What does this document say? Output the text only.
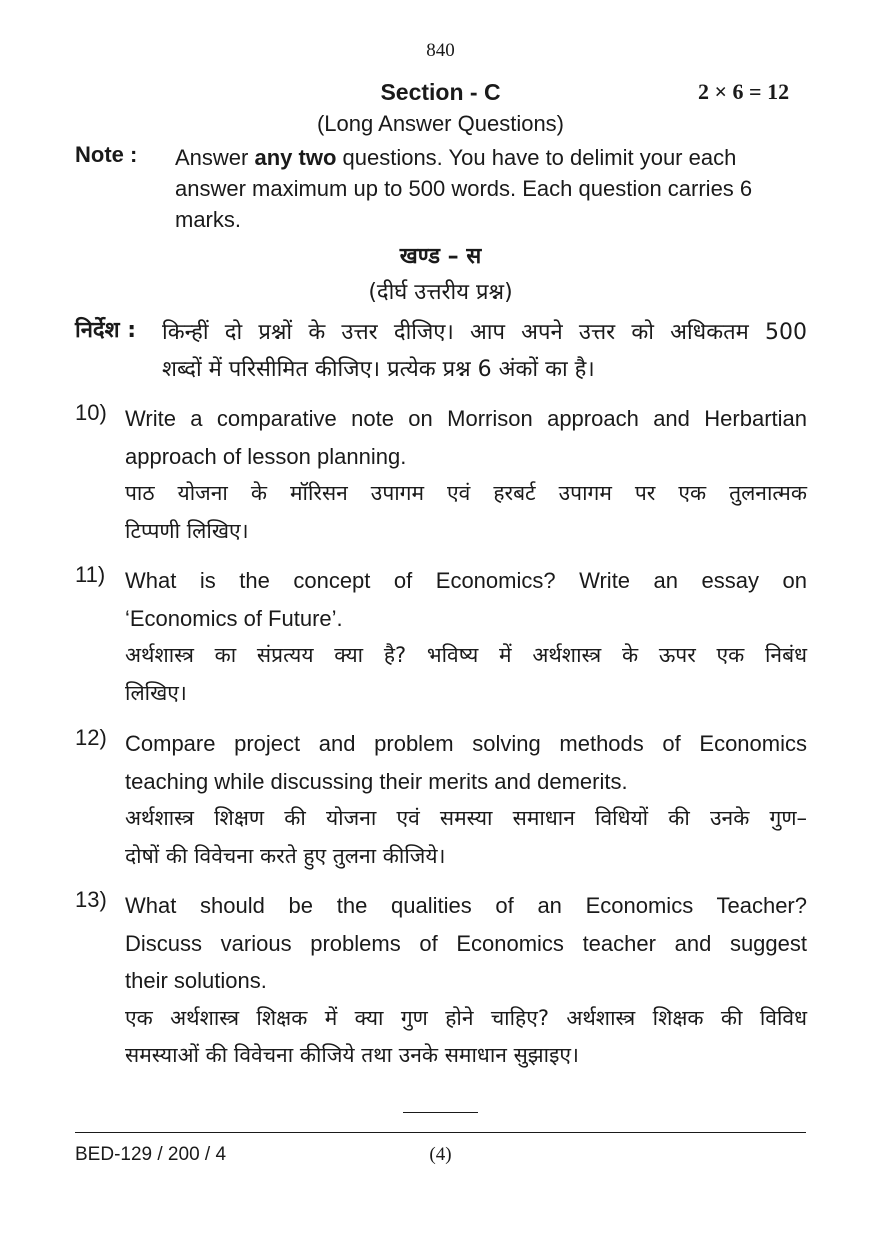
840
Section - C	2 × 6 = 12
(Long Answer Questions)
Note : Answer any two questions. You have to delimit your each answer maximum up to 500 words. Each question carries 6 marks.
खण्ड – स
(दीर्घ उत्तरीय प्रश्न)
निर्देश : किन्हीं दो प्रश्नों के उत्तर दीजिए। आप अपने उत्तर को अधिकतम 500
शब्दों में परिसीमित कीजिए। प्रत्येक प्रश्न 6 अंकों का है।
10) Write a comparative note on Morrison approach and Herbartian
approach of lesson planning.
पाठ योजना के मॉरिसन उपागम एवं हरबर्ट उपागम पर एक तुलनात्मक
टिप्पणी लिखिए।
11) What is the concept of Economics? Write an essay on
‘Economics of Future’.
अर्थशास्त्र का संप्रत्यय क्या है? भविष्य में अर्थशास्त्र के ऊपर एक निबंध
लिखिए।
12) Compare project and problem solving methods of Economics
teaching while discussing their merits and demerits.
अर्थशास्त्र शिक्षण की योजना एवं समस्या समाधान विधियों की उनके गुण–
दोषों की विवेचना करते हुए तुलना कीजिये।
13) What should be the qualities of an Economics Teacher?
Discuss various problems of Economics teacher and suggest
their solutions.
एक अर्थशास्त्र शिक्षक में क्या गुण होने चाहिए? अर्थशास्त्र शिक्षक की विविध
समस्याओं की विवेचना कीजिये तथा उनके समाधान सुझाइए।
BED-129 / 200 / 4	(4)
